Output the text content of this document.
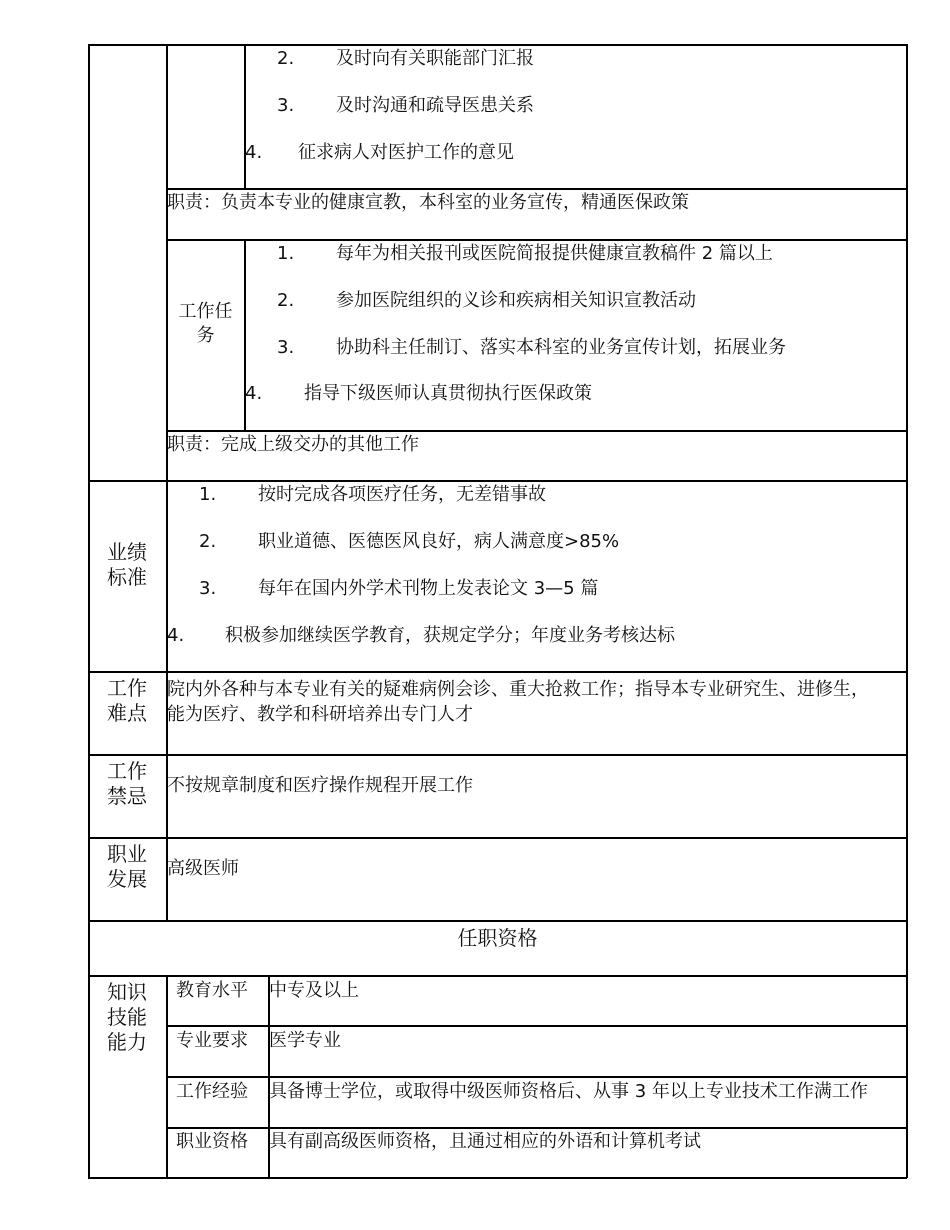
2. 及时向有关职能部门汇报
3. 及时沟通和疏导医患关系
4. 征求病人对医护工作的意见
职责：负责本专业的健康宣教，本科室的业务宣传，精通医保政策
工作任
务
1. 每年为相关报刊或医院简报提供健康宣教稿件 2 篇以上
2. 参加医院组织的义诊和疾病相关知识宣教活动
3. 协助科主任制订、落实本科室的业务宣传计划，拓展业务
4. 指导下级医师认真贯彻执行医保政策
职责：完成上级交办的其他工作
业绩
标准
1. 按时完成各项医疗任务，无差错事故
2. 职业道德、医德医风良好，病人满意度>85%
3. 每年在国内外学术刊物上发表论文 3—5 篇
4. 积极参加继续医学教育，获规定学分；年度业务考核达标
工作
难点
院内外各种与本专业有关的疑难病例会诊、重大抢救工作；指导本专业研究生、进修生，
能为医疗、教学和科研培养出专门人才
工作
禁忌	不按规章制度和医疗操作规程开展工作
职业
发展	高级医师
任职资格
知识
技能
能力
教育水平 中专及以上
专业要求 医学专业
工作经验 具备博士学位，或取得中级医师资格后、从事 3 年以上专业技术工作满工作
职业资格 具有副高级医师资格，且通过相应的外语和计算机考试
